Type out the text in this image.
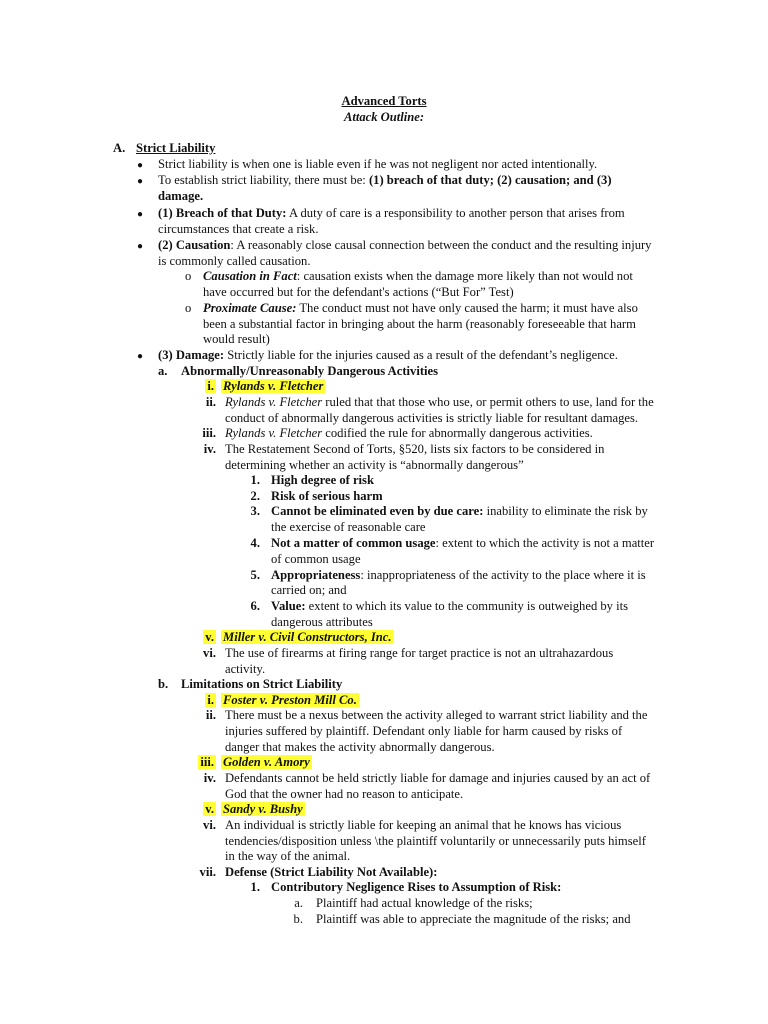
Advanced Torts
Attack Outline:
A. Strict Liability
● Strict liability is when one is liable even if he was not negligent nor acted intentionally.
● To establish strict liability, there must be: (1) breach of that duty; (2) causation; and (3)
damage.
● (1) Breach of that Duty: A duty of care is a responsibility to another person that arises from
circumstances that create a risk.
● (2) Causation: A reasonably close causal connection between the conduct and the resulting injury
is commonly called causation.
o Causation in Fact: causation exists when the damage more likely than not would not
have occurred but for the defendant's actions (“But For” Test)
o Proximate Cause: The conduct must not have only caused the harm; it must have also
been a substantial factor in bringing about the harm (reasonably foreseeable that harm
would result)
● (3) Damage: Strictly liable for the injuries caused as a result of the defendant’s negligence.
a. Abnormally/Unreasonably Dangerous Activities
i. Rylands v. Fletcher
ii. Rylands v. Fletcher ruled that that those who use, or permit others to use, land for the
conduct of abnormally dangerous activities is strictly liable for resultant damages.
iii. Rylands v. Fletcher codified the rule for abnormally dangerous activities.
iv. The Restatement Second of Torts, §520, lists six factors to be considered in
determining whether an activity is “abnormally dangerous”
1. High degree of risk
2. Risk of serious harm
3. Cannot be eliminated even by due care: inability to eliminate the risk by
the exercise of reasonable care
4. Not a matter of common usage: extent to which the activity is not a matter
of common usage
5. Appropriateness: inappropriateness of the activity to the place where it is
carried on; and
6. Value: extent to which its value to the community is outweighed by its
dangerous attributes
v. Miller v. Civil Constructors, Inc.
vi. The use of firearms at firing range for target practice is not an ultrahazardous
activity.
b. Limitations on Strict Liability
i. Foster v. Preston Mill Co.
ii. There must be a nexus between the activity alleged to warrant strict liability and the
injuries suffered by plaintiff. Defendant only liable for harm caused by risks of
danger that makes the activity abnormally dangerous.
iii. Golden v. Amory
iv. Defendants cannot be held strictly liable for damage and injuries caused by an act of
God that the owner had no reason to anticipate.
v. Sandy v. Bushy
vi. An individual is strictly liable for keeping an animal that he knows has vicious
tendencies/disposition unless \the plaintiff voluntarily or unnecessarily puts himself
in the way of the animal.
vii. Defense (Strict Liability Not Available):
1. Contributory Negligence Rises to Assumption of Risk:
a. Plaintiff had actual knowledge of the risks;
b. Plaintiff was able to appreciate the magnitude of the risks; and
